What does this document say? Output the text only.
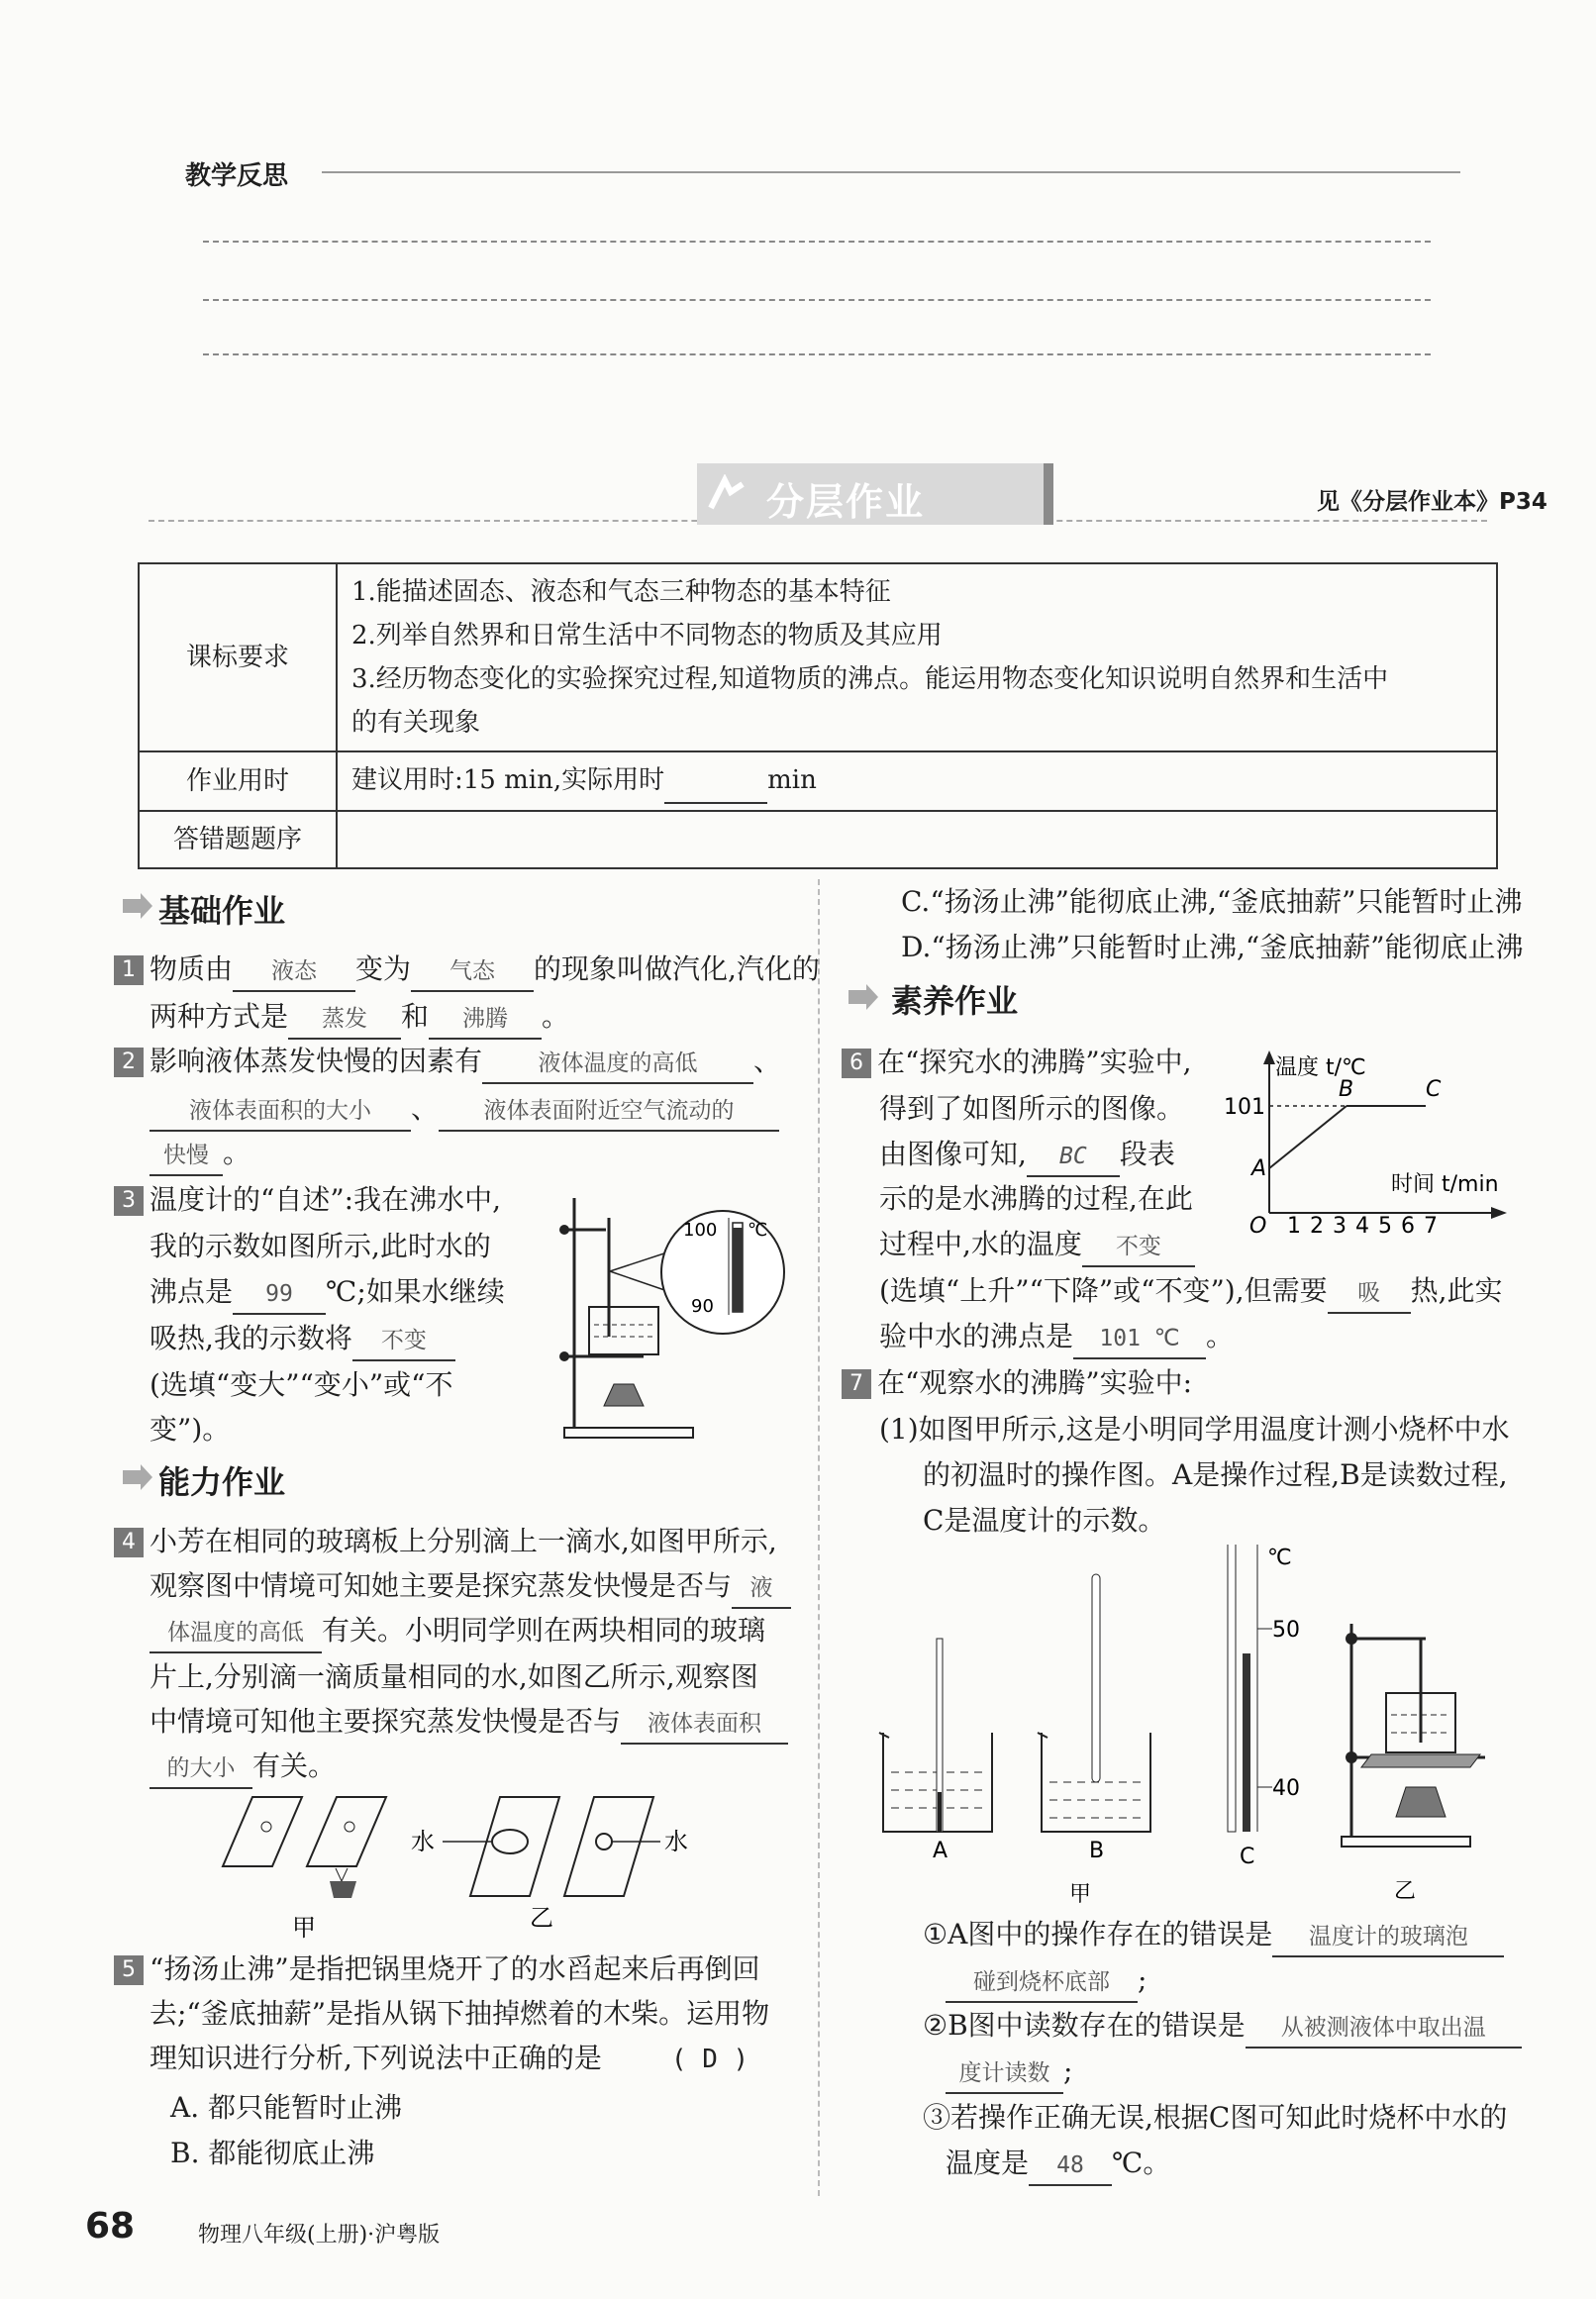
教学反思
分层作业	见《分层作业本》P34
课标要求	1.能描述固态、液态和气态三种物态的基本特征
2.列举自然界和日常生活中不同物态的物质及其应用
3.经历物态变化的实验探究过程,知道物质的沸点。能运用物态变化知识说明自然界和生活中
的有关现象

作业用时	建议用时:15 min,实际用时 min
答错题题序	
基础作业
1 物质由 液态 变为 气态 的现象叫做汽化,汽化的
两种方式是 蒸发 和 沸腾 。
2 影响液体蒸发快慢的因素有 液体温度的高低 、
液体表面积的大小 、 液体表面附近空气流动的
快慢 。
3 温度计的“自述”:我在沸水中,
我的示数如图所示,此时水的
沸点是 99 ℃;如果水继续
吸热,我的示数将 不变
(选填“变大”“变小”或“不
变”)。
100
90
℃
能力作业
4 小芳在相同的玻璃板上分别滴上一滴水,如图甲所示,
观察图中情境可知她主要是探究蒸发快慢是否与 液
体温度的高低 有关。小明同学则在两块相同的玻璃
片上,分别滴一滴质量相同的水,如图乙所示,观察图
中情境可知他主要探究蒸发快慢是否与 液体表面积
的大小 有关。
水	水
甲	乙
5 “扬汤止沸”是指把锅里烧开了的水舀起来后再倒回
去;“釜底抽薪”是指从锅下抽掉燃着的木柴。运用物
理知识进行分析,下列说法中正确的是	( D )
A. 都只能暂时止沸
B. 都能彻底止沸
C.“扬汤止沸”能彻底止沸,“釜底抽薪”只能暂时止沸
D.“扬汤止沸”只能暂时止沸,“釜底抽薪”能彻底止沸
素养作业
6 在“探究水的沸腾”实验中,
得到了如图所示的图像。
由图像可知, BC 段表
示的是水沸腾的过程,在此
过程中,水的温度 不变
(选填“上升”“下降”或“不变”),但需要 吸 热,此实
验中水的沸点是 101 ℃ 。
温度 t/℃
时间 t/min
101
A
B	C
O 1 2 3 4 5 6 7
7 在“观察水的沸腾”实验中:
(1)如图甲所示,这是小明同学用温度计测小烧杯中水
的初温时的操作图。A是操作过程,B是读数过程,
C是温度计的示数。
A	B
℃
50
40
C
甲	乙
①A图中的操作存在的错误是 温度计的玻璃泡
碰到烧杯底部 ;
②B图中读数存在的错误是 从被测液体中取出温
度计读数 ;
③若操作正确无误,根据C图可知此时烧杯中水的
温度是 48 ℃。
68	物理八年级(上册)·沪粤版
